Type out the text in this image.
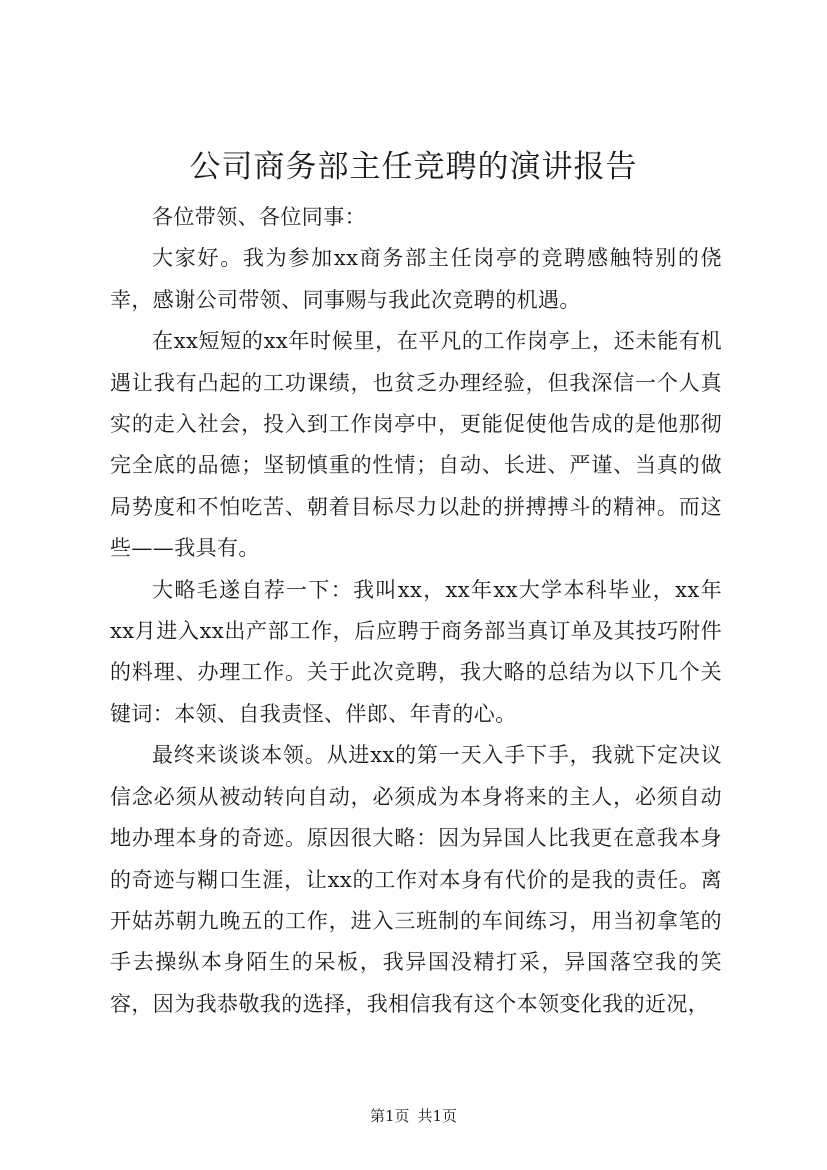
公司商务部主任竞聘的演讲报告

各位带领、各位同事：

大家好。我为参加xx商务部主任岗亭的竞聘感触特别的侥幸，感谢公司带领、同事赐与我此次竞聘的机遇。

在xx短短的xx年时候里，在平凡的工作岗亭上，还未能有机遇让我有凸起的工功课绩，也贫乏办理经验，但我深信一个人真实的走入社会，投入到工作岗亭中，更能促使他告成的是他那彻完全底的品德；坚韧慎重的性情；自动、长进、严谨、当真的做局势度和不怕吃苦、朝着目标尽力以赴的拼搏搏斗的精神。而这些——我具有。

大略毛遂自荐一下：我叫xx，xx年xx大学本科毕业，xx年xx月进入xx出产部工作，后应聘于商务部当真订单及其技巧附件的料理、办理工作。关于此次竞聘，我大略的总结为以下几个关键词：本领、自我责怪、伴郎、年青的心。

最终来谈谈本领。从进xx的第一天入手下手，我就下定决议信念必须从被动转向自动，必须成为本身将来的主人，必须自动地办理本身的奇迹。原因很大略：因为异国人比我更在意我本身的奇迹与糊口生涯，让xx的工作对本身有代价的是我的责任。离开姑苏朝九晚五的工作，进入三班制的车间练习，用当初拿笔的手去操纵本身陌生的呆板，我异国没精打采，异国落空我的笑容，因为我恭敬我的选择，我相信我有这个本领变化我的近况，

第1页 共1页
